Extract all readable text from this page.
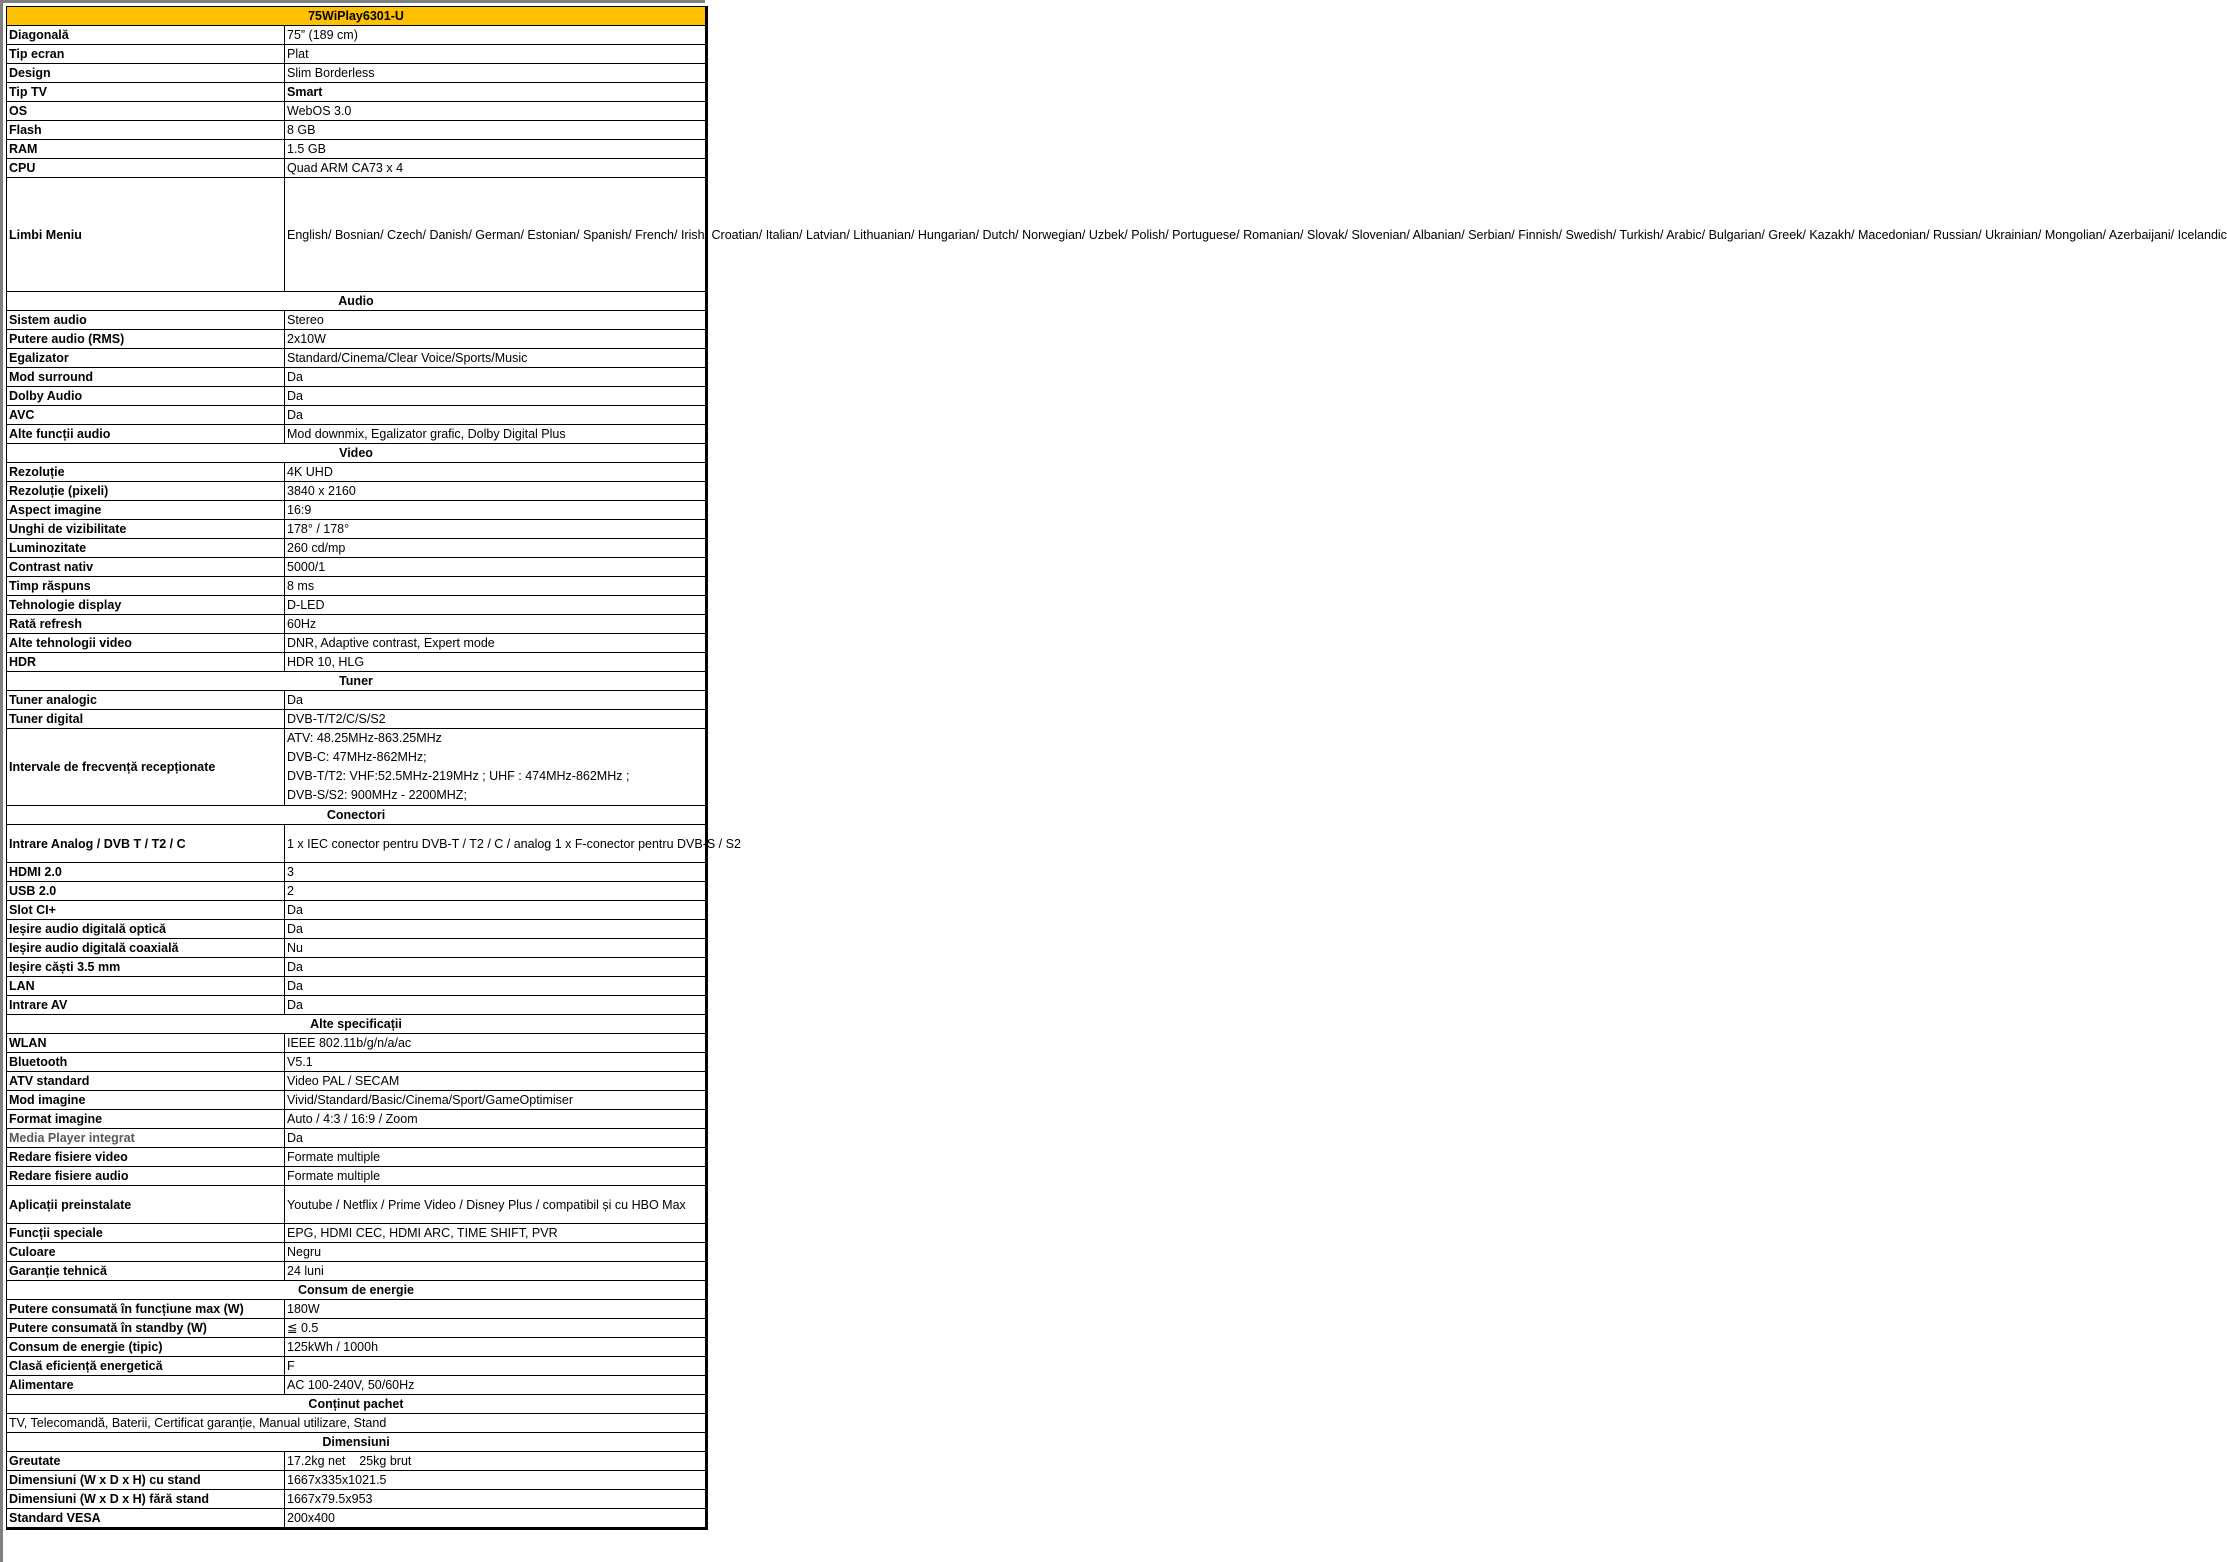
75WiPlay6301-U	
Diagonală	75” (189 cm)
Tip ecran	Plat
Design	Slim Borderless
Tip TV	Smart
OS	WebOS 3.0
Flash	8 GB
RAM	1.5 GB
CPU	Quad ARM CA73 x 4
Limbi Meniu	English/ Bosnian/ Czech/ Danish/ German/ Estonian/ Spanish/ French/ Irish/ Croatian/ Italian/ Latvian/ Lithuanian/ Hungarian/ Dutch/ Norwegian/ Uzbek/ Polish/ Portuguese/ Romanian/ Slovak/ Slovenian/ Albanian/ Serbian/ Finnish/ Swedish/ Turkish/ Arabic/ Bulgarian/ Greek/ Kazakh/ Macedonian/ Russian/ Ukrainian/ Mongolian/ Azerbaijani/ Icelandic
Audio	
Sistem audio	Stereo
Putere audio (RMS)	2x10W
Egalizator	Standard/Cinema/Clear Voice/Sports/Music
Mod surround	Da
Dolby Audio	Da
AVC	Da
Alte funcții audio	Mod downmix, Egalizator grafic, Dolby Digital Plus
Video	
Rezoluție	4K UHD
Rezoluție (pixeli)	3840 x 2160
Aspect imagine	16:9
Unghi de vizibilitate	178° / 178°
Luminozitate	260 cd/mp
Contrast nativ	5000/1
Timp răspuns	8 ms
Tehnologie display	D-LED
Rată refresh	60Hz
Alte tehnologii video	DNR, Adaptive contrast, Expert mode
HDR	HDR 10, HLG
Tuner	
Tuner analogic	Da
Tuner digital	DVB-T/T2/C/S/S2
Intervale de frecvență recepționate	ATV: 48.25MHz-863.25MHz
DVB-C: 47MHz-862MHz;
DVB-T/T2: VHF:52.5MHz-219MHz ; UHF : 474MHz-862MHz ;
DVB-S/S2: 900MHz - 2200MHZ;

Conectori	
Intrare Analog / DVB T / T2 / C	1 x IEC conector pentru DVB-T / T2 / C / analog 1 x F-conector pentru DVB-S / S2
HDMI 2.0	3
USB 2.0	2
Slot CI+	Da
Ieșire audio digitală optică	Da
Ieșire audio digitală coaxială	Nu
Ieșire căști 3.5 mm	Da
LAN	Da
Intrare AV	Da
Alte specificații	
WLAN	IEEE 802.11b/g/n/a/ac
Bluetooth	V5.1
ATV standard	Video PAL / SECAM
Mod imagine	Vivid/Standard/Basic/Cinema/Sport/GameOptimiser
Format imagine	Auto / 4:3 / 16:9 / Zoom
Media Player integrat	Da
Redare fisiere video	Formate multiple
Redare fisiere audio	Formate multiple
Aplicații preinstalate	Youtube / Netflix / Prime Video / Disney Plus / compatibil și cu HBO Max
Funcții speciale	EPG, HDMI CEC, HDMI ARC, TIME SHIFT, PVR
Culoare	Negru
Garanție tehnică	24 luni
Consum de energie	
Putere consumată în funcțiune max (W)	180W
Putere consumată în standby (W)	≦ 0.5
Consum de energie (tipic)	125kWh / 1000h
Clasă eficiență energetică	F
Alimentare	AC 100-240V, 50/60Hz
Conținut pachet	
TV, Telecomandă, Baterii, Certificat garanție, Manual utilizare, Stand	
Dimensiuni	
Greutate	17.2kg net    25kg brut
Dimensiuni (W x D x H) cu stand	1667x335x1021.5
Dimensiuni (W x D x H) fără stand	1667x79.5x953
Standard VESA	200x400
